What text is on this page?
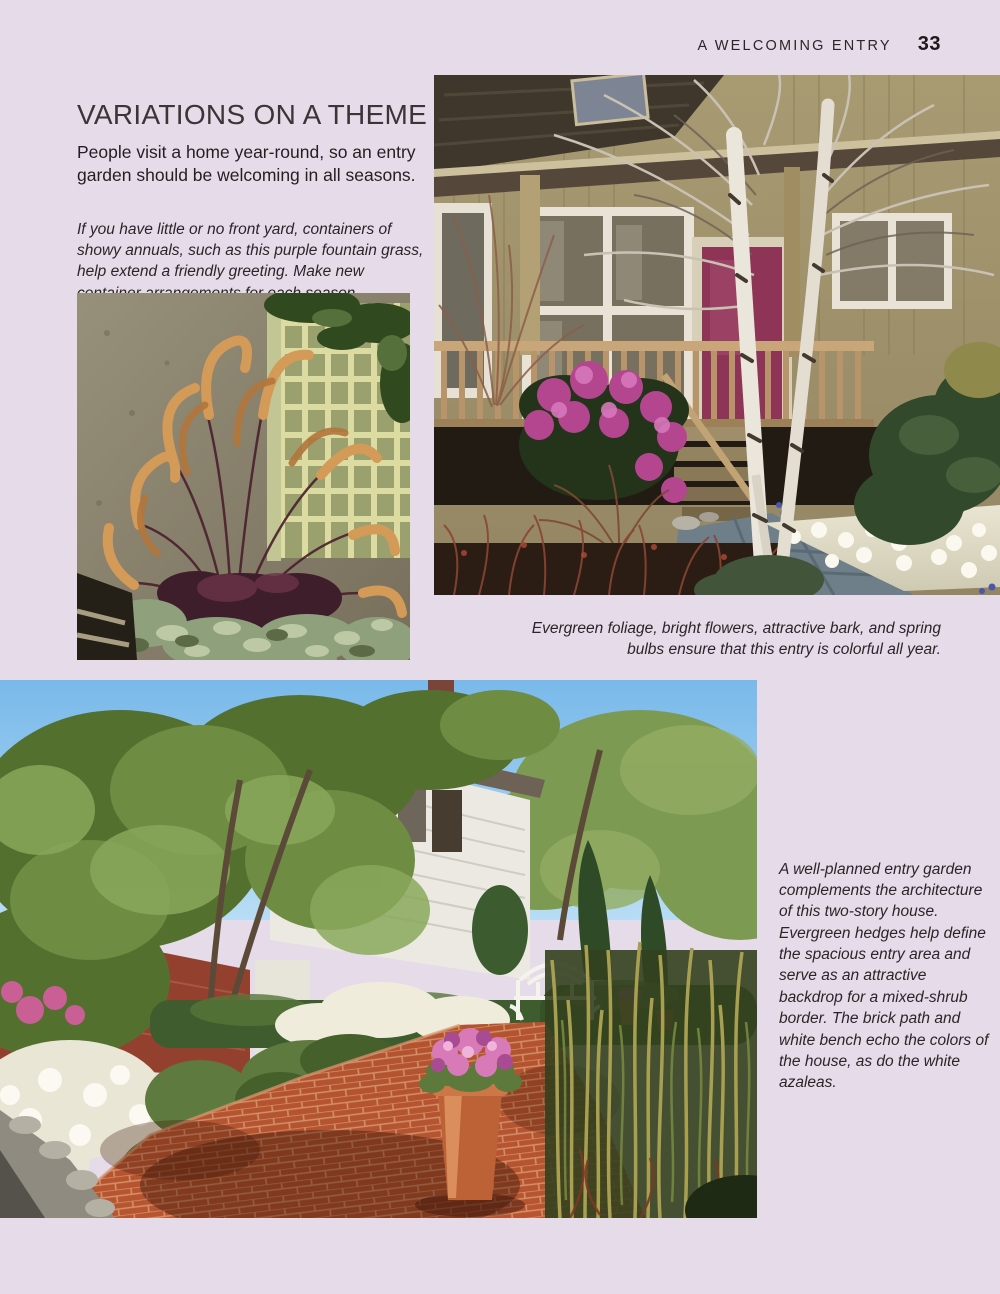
A WELCOMING ENTRY 33
VARIATIONS ON A THEME

People visit a home year-round, so an entry garden should be welcoming in all seasons.

If you have little or no front yard, containers of showy annuals, such as this purple fountain grass, help extend a friendly greeting. Make new

Evergreen foliage, bright flowers, attractive bark, and spring bulbs ensure that this entry is colorful all year.

A well-planned entry garden complements the architecture of this two-story house. Evergreen hedges help define the spacious entry area and serve as an attractive backdrop for a mixed-shrub border. The brick path and white bench echo the colors of the house, as do the white azaleas.
